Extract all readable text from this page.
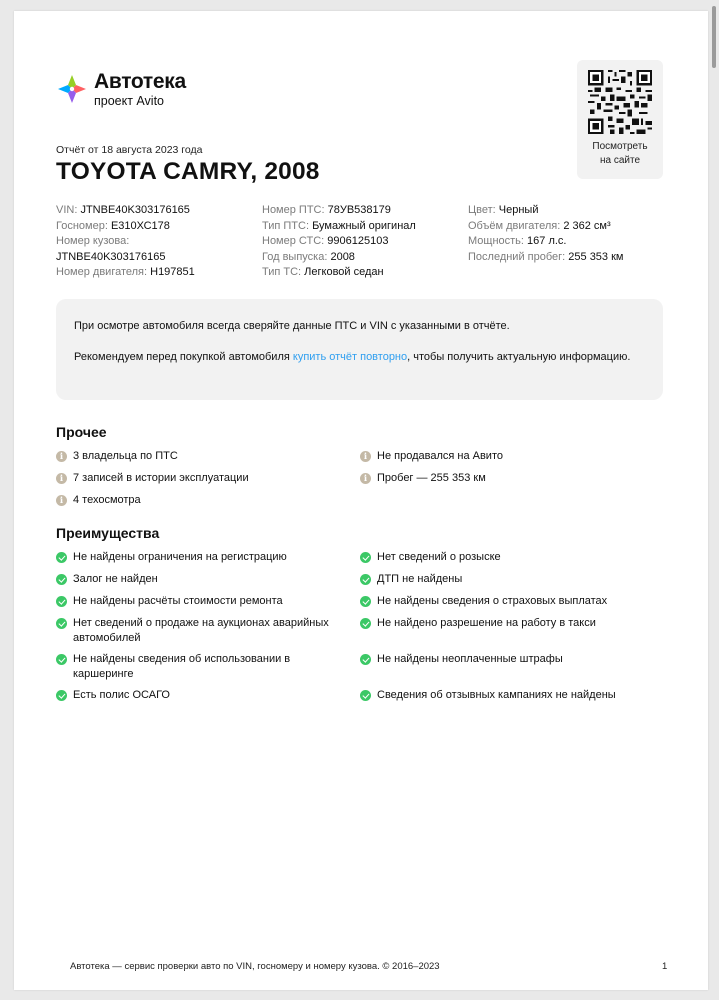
Автотека
проект Avito
Посмотреть
на сайте
Отчёт от 18 августа 2023 года
TOYOTA CAMRY, 2008
VIN: JTNBE40K303176165
Госномер: Е310ХС178
Номер кузова:
JTNBE40K303176165
Номер двигателя: H197851
Номер ПТС: 78УВ538179
Тип ПТС: Бумажный оригинал
Номер СТС: 9906125103
Год выпуска: 2008
Тип ТС: Легковой седан
Цвет: Черный
Объём двигателя: 2 362 см³
Мощность: 167 л.с.
Последний пробег: 255 353 км

При осмотре автомобиля всегда сверяйте данные ПТС и VIN с указанными в отчёте.

Рекомендуем перед покупкой автомобиля купить отчёт повторно, чтобы получить актуальную информацию.

Прочее
i
3 владельца по ПТС i	Не продавался на Авито
i
7 записей в истории эксплуатации i	Пробег — 255 353 км
i
4 техосмотра
Преимущества
Не найдены ограничения на регистрацию	Нет сведений о розыске
Залог не найден	ДТП не найдены
Не найдены расчёты стоимости ремонта	Не найдены сведения о страховых выплатах
Нет сведений о продаже на аукционах аварийных автомобилей
Не найдено разрешение на работу в такси
Не найдены сведения об использовании в каршеринге
Не найдены неоплаченные штрафы
Есть полис ОСАГО	Сведения об отзывных кампаниях не найдены
Автотека — сервис проверки авто по VIN, госномеру и номеру кузова. © 2016–2023	1
